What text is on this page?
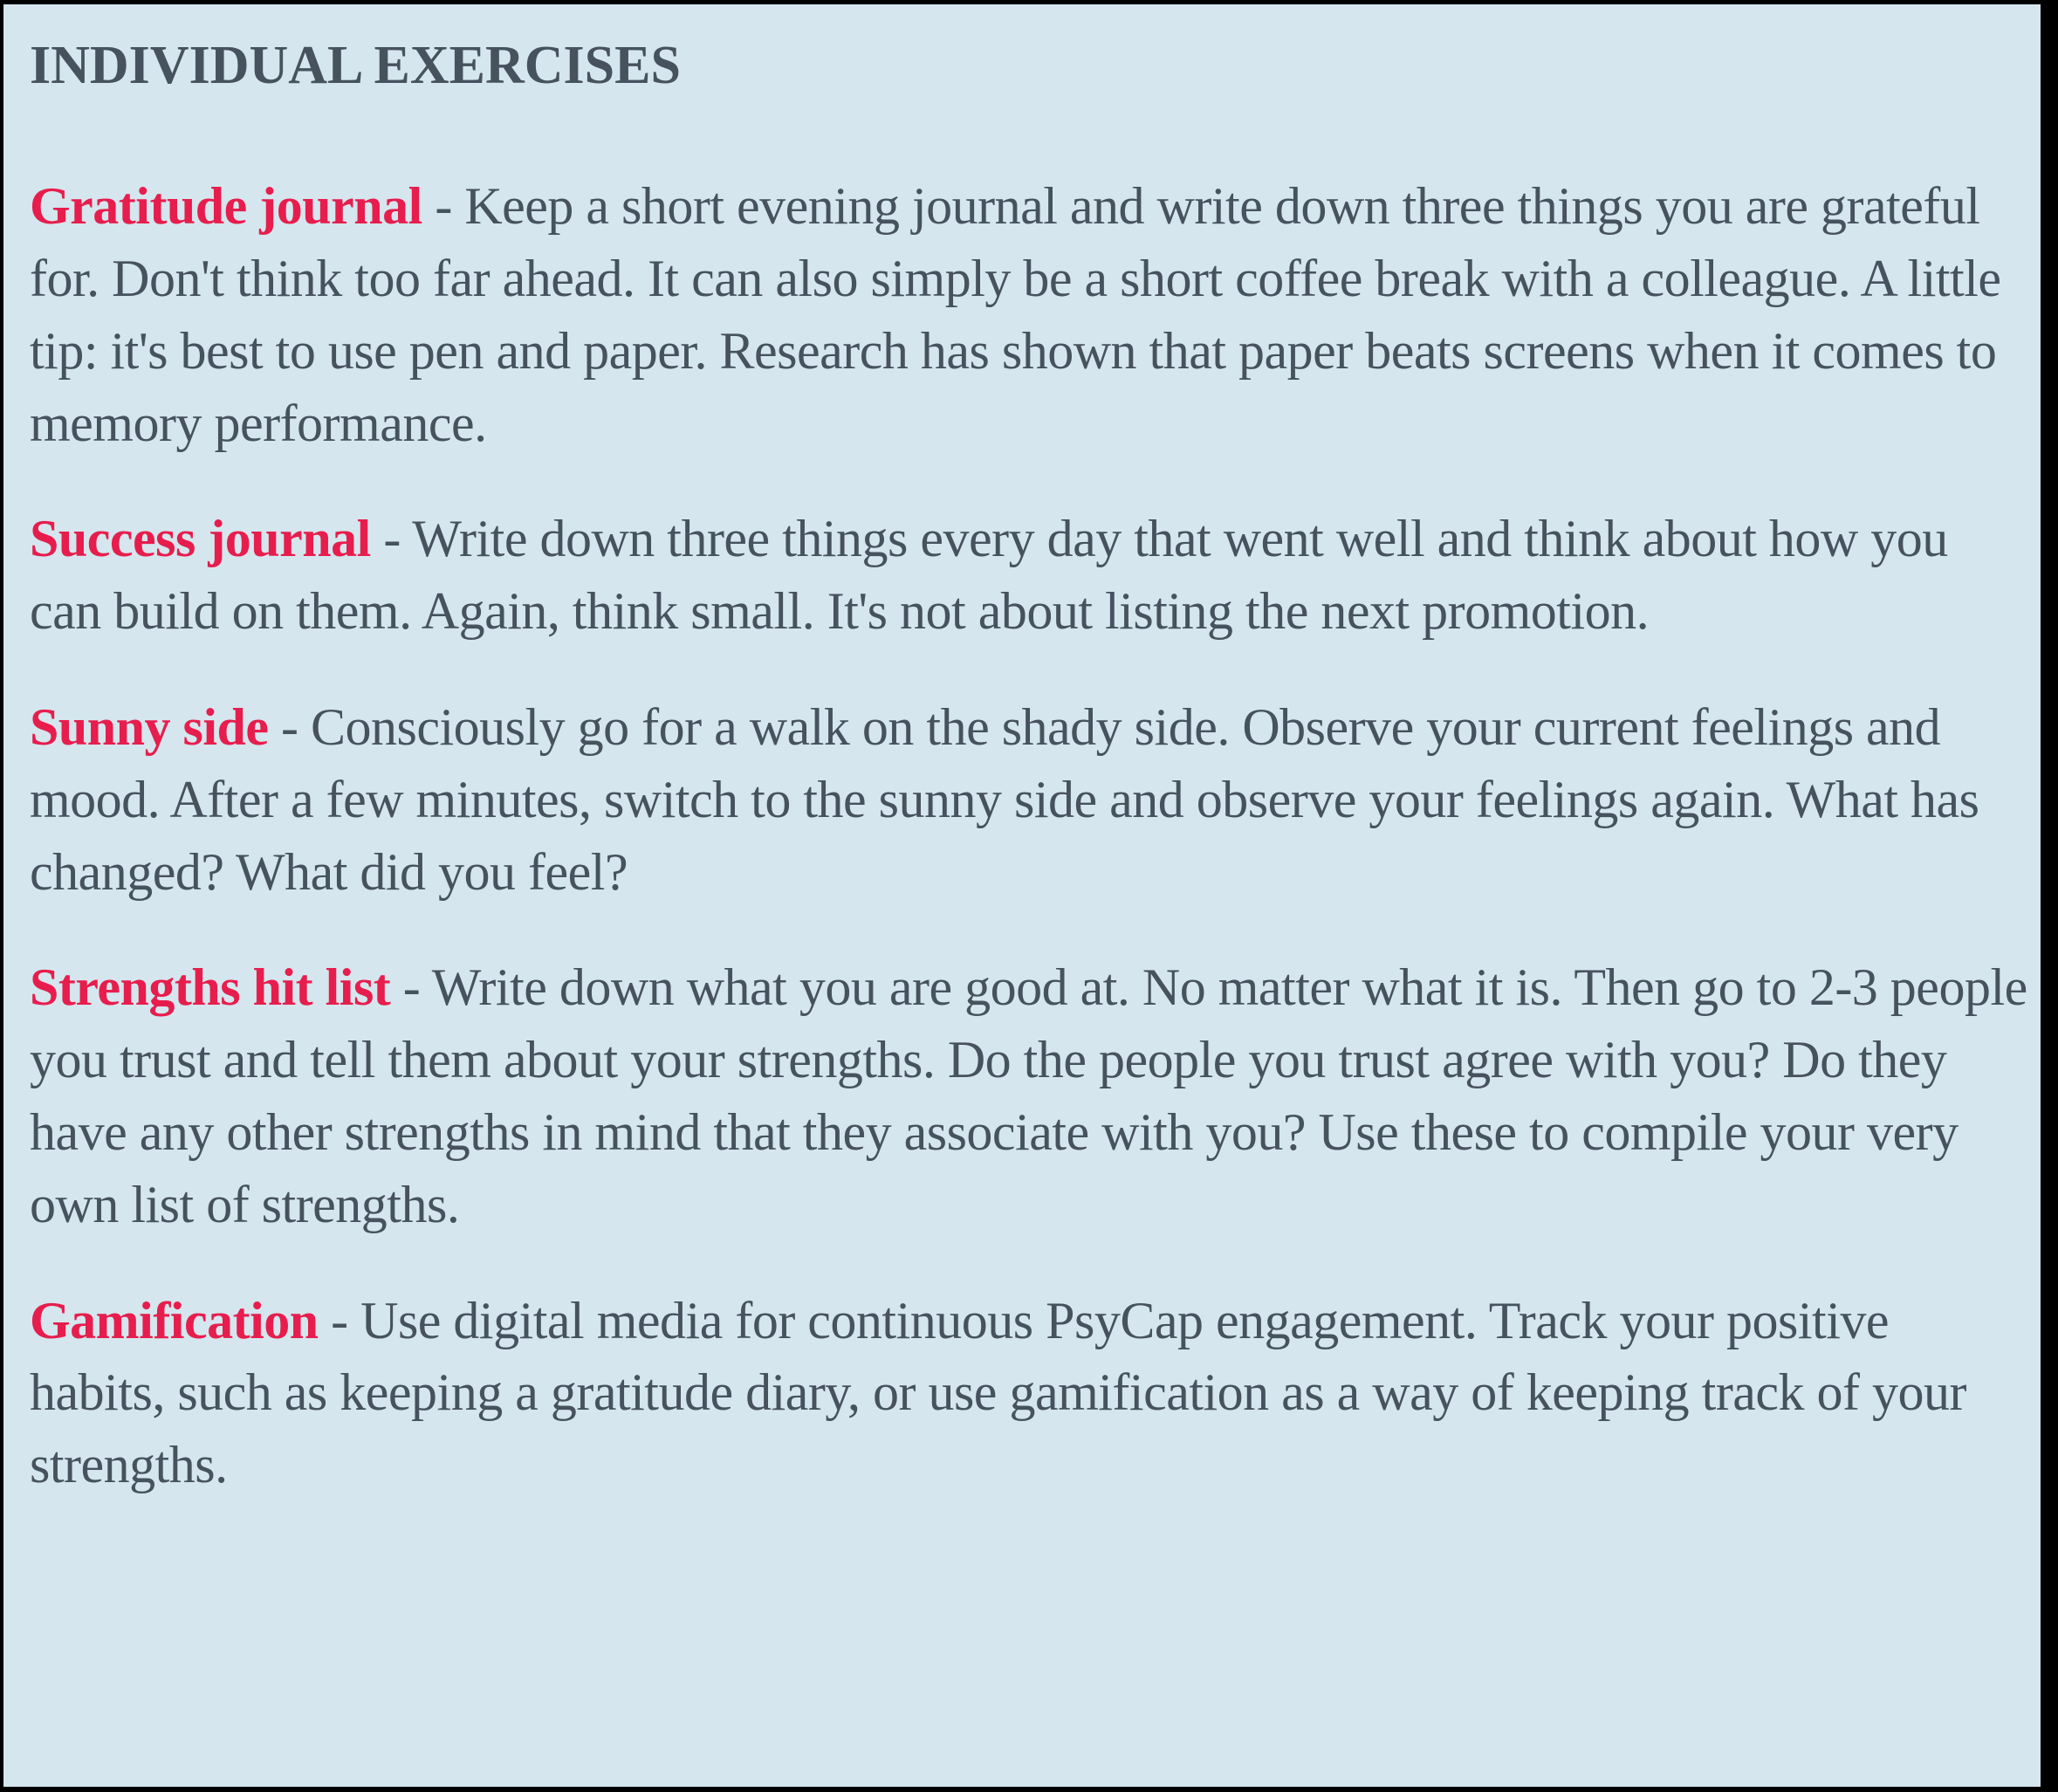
INDIVIDUAL EXERCISES

Gratitude journal - Keep a short evening journal and write down three things you are grateful for. Don't think too far ahead. It can also simply be a short coffee break with a colleague. A little tip: it's best to use pen and paper. Research has shown that paper beats screens when it comes to memory performance.

Success journal - Write down three things every day that went well and think about how you can build on them. Again, think small. It's not about listing the next promotion.

Sunny side - Consciously go for a walk on the shady side. Observe your current feelings and mood. After a few minutes, switch to the sunny side and observe your feelings again. What has changed? What did you feel?

Strengths hit list - Write down what you are good at. No matter what it is. Then go to 2-3 people you trust and tell them about your strengths. Do the people you trust agree with you? Do they have any other strengths in mind that they associate with you? Use these to compile your very own list of strengths.

Gamification - Use digital media for continuous PsyCap engagement. Track your positive habits, such as keeping a gratitude diary, or use gamification as a way of keeping track of your strengths.
